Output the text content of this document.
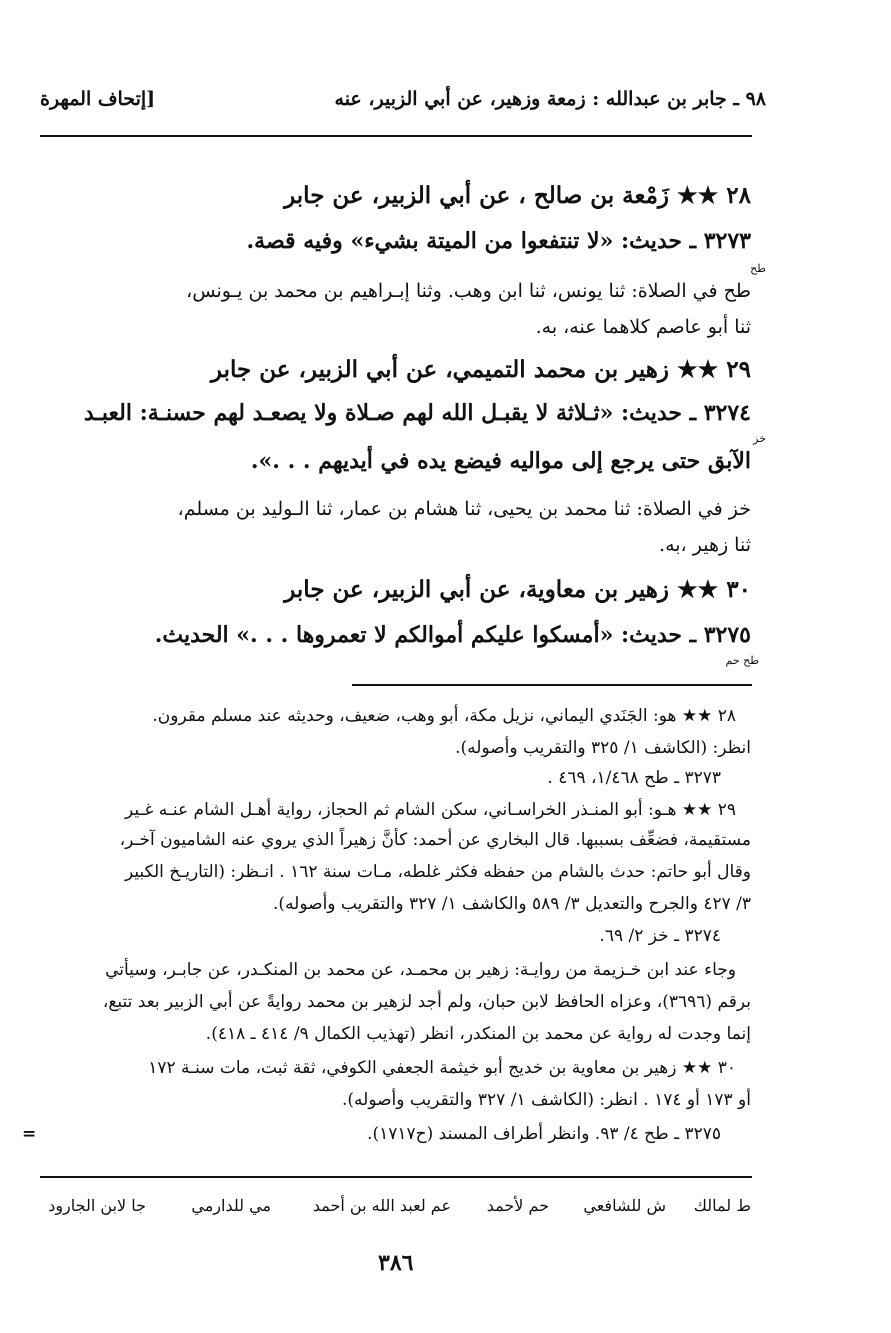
٩٨ ـ جابر بن عبدالله : زمعة وزهير، عن أبي الزبير، عنه
[إتحاف المهرة
٢٨ ★★ زَمْعة بن صالح ، عن أبي الزبير، عن جابر
٣٢٧٣ ـ حديث: «لا تنتفعوا من الميتة بشيء» وفيه قصة.
طح
طح في الصلاة: ثنا يونس، ثنا ابن وهب. وثنا إبـراهيم بن محمد بن يـونس،
ثنا أبو عاصم كلاهما عنه، به.
٢٩ ★★ زهير بن محمد التميمي، عن أبي الزبير، عن جابر
٣٢٧٤ ـ حديث: «ثـلاثة لا يقبـل الله لهم صـلاة ولا يصعـد لهم حسنـة: العبـد
خز
الآبق حتى يرجع إلى مواليه فيضع يده في أيديهم . . .».
خز في الصلاة: ثنا محمد بن يحيى، ثنا هشام بن عمار، ثنا الـوليد بن مسلم،
ثنا زهير ،به.
٣٠ ★★ زهير بن معاوية، عن أبي الزبير، عن جابر
٣٢٧٥ ـ حديث: «أمسكوا عليكم أموالكم لا تعمروها . . .» الحديث.
طح حم
٢٨ ★★ هو: الجَنَدي اليماني، نزيل مكة، أبو وهب، ضعيف، وحديثه عند مسلم مقرون.
انظر: (الكاشف ١/ ٣٢٥ والتقريب وأصوله).
٣٢٧٣ ـ طح ١/٤٦٨، ٤٦٩ .
٢٩ ★★ هـو: أبو المنـذر الخراسـاني، سكن الشام ثم الحجاز، رواية أهـل الشام عنـه غـير
مستقيمة، فضعِّف بسببها. قال البخاري عن أحمد: كأنَّ زهيراً الذي يروي عنه الشاميون آخـر،
وقال أبو حاتم: حدث بالشام من حفظه فكثر غلطه، مـات سنة ١٦٢ . انـظر: (التاريـخ الكبير
٣/ ٤٢٧ والجرح والتعديل ٣/ ٥٨٩ والكاشف ١/ ٣٢٧ والتقريب وأصوله).
٣٢٧٤ ـ خز ٢/ ٦٩.
وجاء عند ابن خـزيمة من روايـة: زهير بن محمـد، عن محمد بن المنكـدر، عن جابـر، وسيأتي
برقم (٣٦٩٦)، وعزاه الحافظ لابن حبان، ولم أجد لزهير بن محمد روايةً عن أبي الزبير بعد تتبع،
إنما وجدت له رواية عن محمد بن المنكدر، انظر (تهذيب الكمال ٩/ ٤١٤ ـ ٤١٨).
٣٠ ★★ زهير بن معاوية بن خديج أبو خيثمة الجعفي الكوفي، ثقة ثبت، مات سنـة ١٧٢
أو ١٧٣ أو ١٧٤ . انظر: (الكاشف ١/ ٣٢٧ والتقريب وأصوله).
٣٢٧٥ ـ طح ٤/ ٩٣. وانظر أطراف المسند (ح١٧١٧).
=
ط لمالك
ش للشافعي
حم لأحمد
عم لعبد الله بن أحمد
مي للدارمي
جا لابن الجارود
٣٨٦
